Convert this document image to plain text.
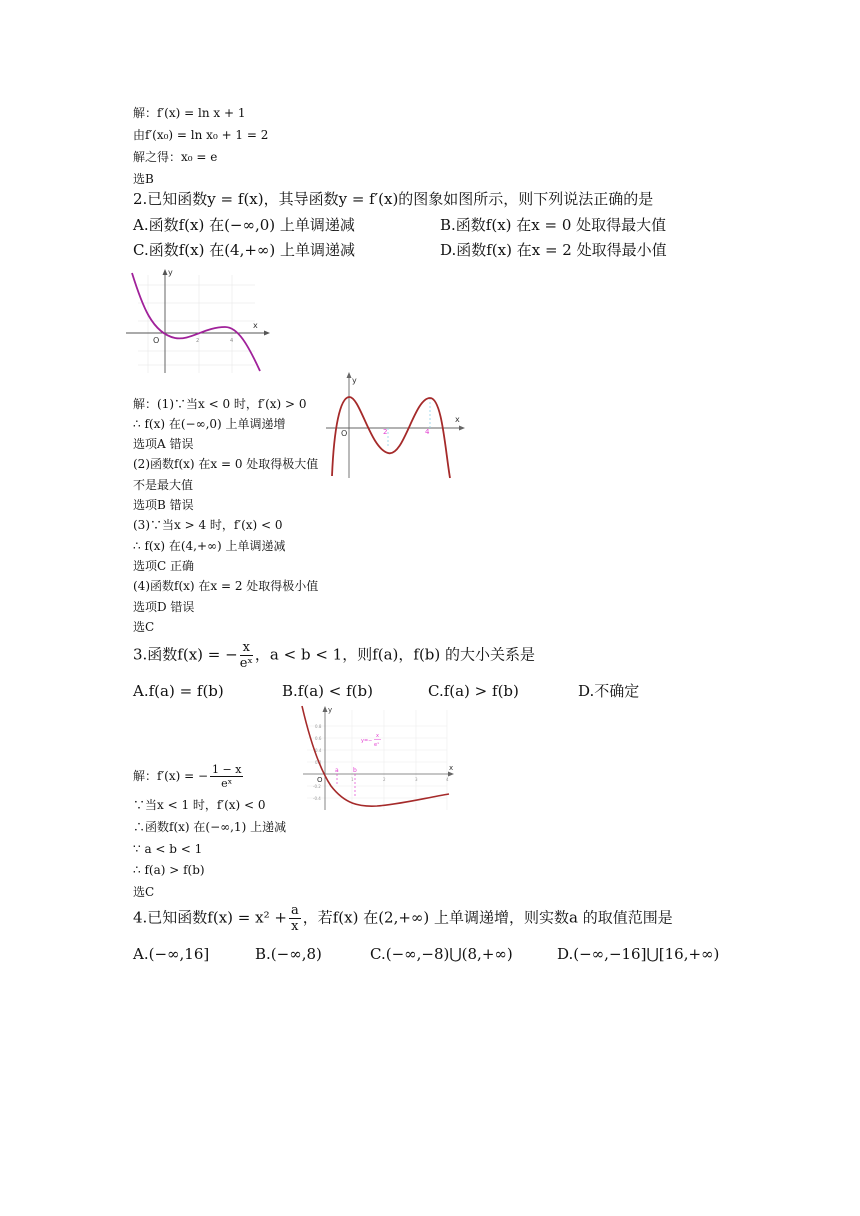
解：f′(x) = ln x + 1
由f′(x₀) = ln x₀ + 1 = 2
解之得：x₀ = e
选B
2.已知函数y = f(x)，其导函数y = f′(x)的图象如图所示，则下列说法正确的是
A.函数f(x) 在(−∞,0) 上单调递减	B.函数f(x) 在x = 0 处取得最大值
C.函数f(x) 在(4,+∞) 上单调递减	D.函数f(x) 在x = 2 处取得最小值
x
y
O	2	4
x
y
O	2	4
解：(1)∵当x < 0 时，f′(x) > 0
∴ f(x) 在(−∞,0) 上单调递增
选项A 错误
(2)函数f(x) 在x = 0 处取得极大值
不是最大值
选项B 错误
(3)∵当x > 4 时，f′(x) < 0
∴ f(x) 在(4,+∞) 上单调递减
选项C 正确
(4)函数f(x) 在x = 2 处取得极小值
选项D 错误
选C
3.函数f(x) = − $\frac{x}{\text{eˣ}}$ ，a < b < 1，则f(a)，f(b) 的大小关系是
A.f(a) = f(b)	B.f(a) < f(b)	C.f(a) > f(b)	D.不确定
x
y
O
0.8
0.6
0.4
0.2
-0.2
-0.4
1	2	3	4
a b
y=−
x
eˣ
解：f′(x) = − $\frac{1 - x}{\text{eˣ}}$
∵当x < 1 时，f′(x) < 0
∴函数f(x) 在(−∞,1) 上递减
∵ a < b < 1
∴ f(a) > f(b)
选C
4.已知函数$f(x) = x^2 + \frac{a}{x}$ ，若f(x) 在(2,+∞) 上单调递增，则实数a 的取值范围是
A.(−∞,16]	B.(−∞,8)	C.(−∞,−8)⋃(8,+∞)	D.(−∞,−16]⋃[16,+∞)
